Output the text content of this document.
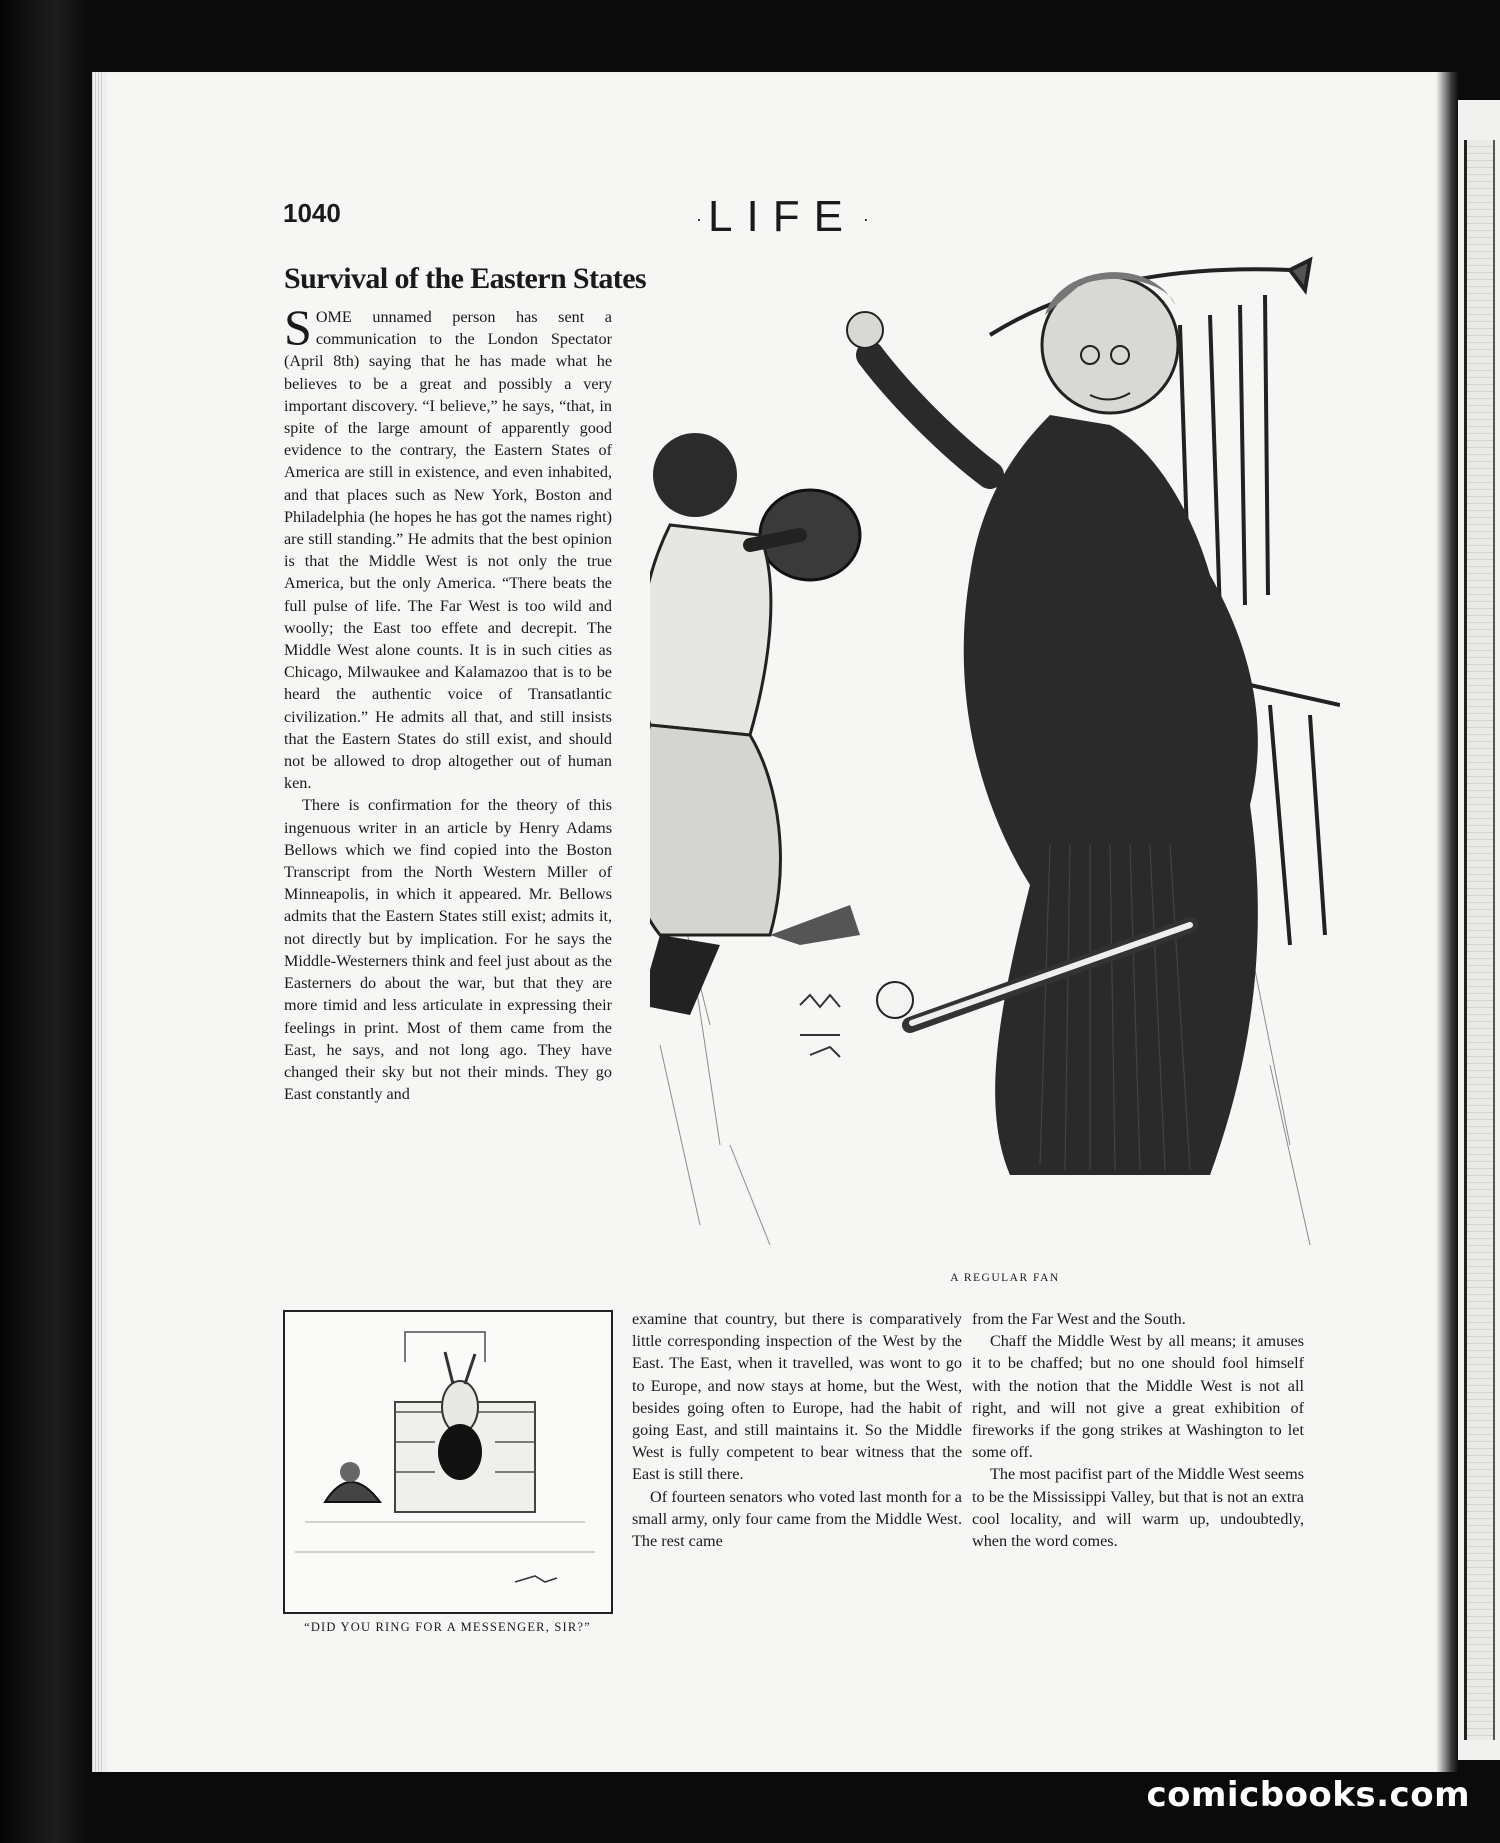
1040	· LIFE ·
Survival of the Eastern States

SOME unnamed person has sent a communication to the London Spectator (April 8th) saying that he has made what he believes to be a great and possibly a very important discovery. “I believe,” he says, “that, in spite of the large amount of apparently good evidence to the contrary, the Eastern States of America are still in existence, and even inhabited, and that places such as New York, Boston and Philadelphia (he hopes he has got the names right) are still standing.” He admits that the best opinion is that the Middle West is not only the true America, but the only America. “There beats the full pulse of life. The Far West is too wild and woolly; the East too effete and decrepit. The Middle West alone counts. It is in such cities as Chicago, Milwaukee and Kalamazoo that is to be heard the authentic voice of Transatlantic civilization.” He admits all that, and still insists that the Eastern States do still exist, and should not be allowed to drop altogether out of human ken.

There is confirmation for the theory of this ingenuous writer in an article by Henry Adams Bellows which we find copied into the Boston Transcript from the North Western Miller of Minneapolis, in which it appeared. Mr. Bellows admits that the Eastern States still exist; admits it, not directly but by implication. For he says the Middle-Westerners think and feel just about as the Easterners do about the war, but that they are more timid and less articulate in expressing their feelings in print. Most of them came from the East, he says, and not long ago. They have changed their sky but not their minds. They go East constantly and

A REGULAR FAN
“DID YOU RING FOR A MESSENGER, SIR?”

examine that country, but there is comparatively little corresponding inspection of the West by the East. The East, when it travelled, was wont to go to Europe, and now stays at home, but the West, besides going often to Europe, had the habit of going East, and still maintains it. So the Middle West is fully competent to bear witness that the East is still there.

Of fourteen senators who voted last month for a small army, only four came from the Middle West. The rest came

from the Far West and the South.

Chaff the Middle West by all means; it amuses it to be chaffed; but no one should fool himself with the notion that the Middle West is not all right, and will not give a great exhibition of fireworks if the gong strikes at Washington to let some off.

The most pacifist part of the Middle West seems to be the Mississippi Valley, but that is not an extra cool locality, and will warm up, undoubtedly, when the word comes.

comicbooks.com
